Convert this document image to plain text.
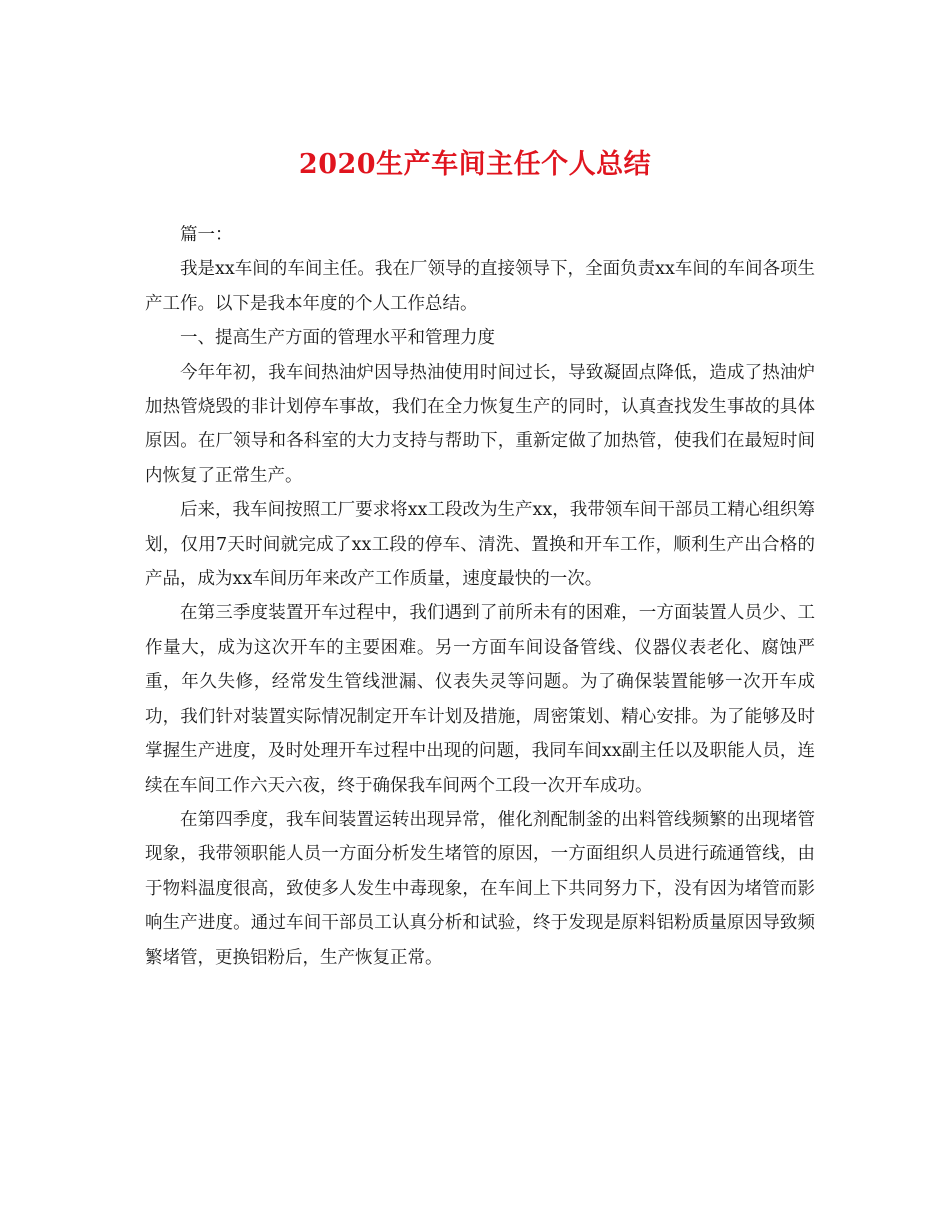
2020生产车间主任个人总结

篇一：

我是xx车间的车间主任。我在厂领导的直接领导下，全面负责xx车间的车间各项生产工作。以下是我本年度的个人工作总结。

一、提高生产方面的管理水平和管理力度

今年年初，我车间热油炉因导热油使用时间过长，导致凝固点降低，造成了热油炉加热管烧毁的非计划停车事故，我们在全力恢复生产的同时，认真查找发生事故的具体原因。在厂领导和各科室的大力支持与帮助下，重新定做了加热管，使我们在最短时间内恢复了正常生产。

后来，我车间按照工厂要求将xx工段改为生产xx，我带领车间干部员工精心组织筹划，仅用7天时间就完成了xx工段的停车、清洗、置换和开车工作，顺利生产出合格的产品，成为xx车间历年来改产工作质量，速度最快的一次。

在第三季度装置开车过程中，我们遇到了前所未有的困难，一方面装置人员少、工作量大，成为这次开车的主要困难。另一方面车间设备管线、仪器仪表老化、腐蚀严重，年久失修，经常发生管线泄漏、仪表失灵等问题。为了确保装置能够一次开车成功，我们针对装置实际情况制定开车计划及措施，周密策划、精心安排。为了能够及时掌握生产进度，及时处理开车过程中出现的问题，我同车间xx副主任以及职能人员，连续在车间工作六天六夜，终于确保我车间两个工段一次开车成功。

在第四季度，我车间装置运转出现异常，催化剂配制釜的出料管线频繁的出现堵管现象，我带领职能人员一方面分析发生堵管的原因，一方面组织人员进行疏通管线，由于物料温度很高，致使多人发生中毒现象，在车间上下共同努力下，没有因为堵管而影响生产进度。通过车间干部员工认真分析和试验，终于发现是原料铝粉质量原因导致频繁堵管，更换铝粉后，生产恢复正常。
